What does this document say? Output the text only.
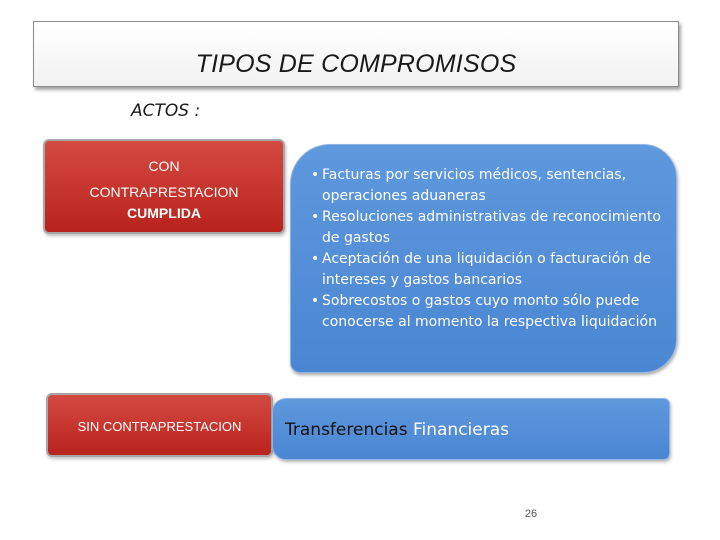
TIPOS DE COMPROMISOS
ACTOS :
CON
CONTRAPRESTACION
CUMPLIDA
• Facturas por servicios médicos, sentencias, operaciones aduaneras
• Resoluciones administrativas de reconocimiento de gastos
• Aceptación de una liquidación o facturación de intereses y gastos bancarios
• Sobrecostos o gastos cuyo monto sólo puede conocerse al momento la respectiva liquidación
SIN CONTRAPRESTACION	Transferencias Financieras
26
